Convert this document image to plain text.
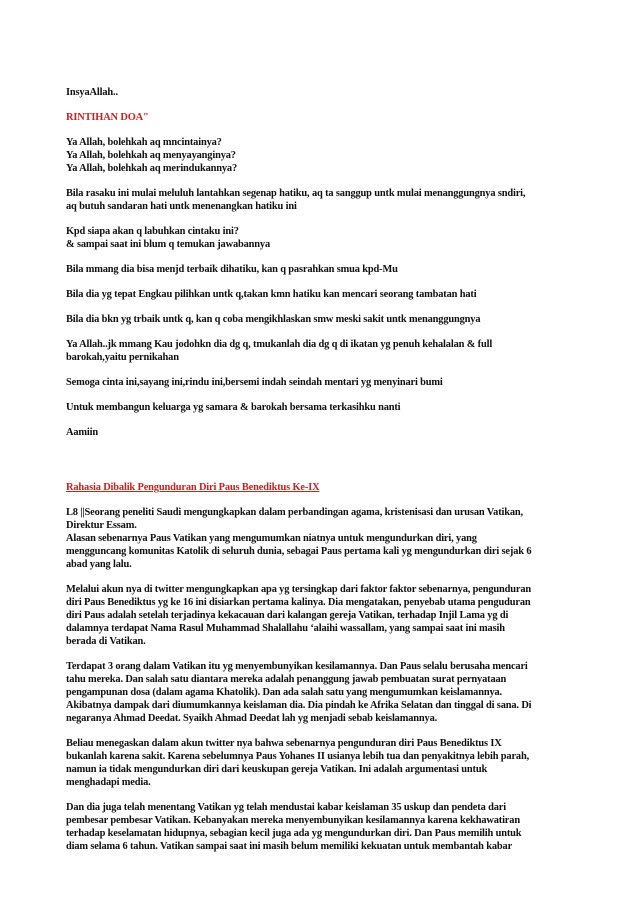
InsyaAllah..

RINTIHAN DOA"

Ya Allah, bolehkah aq mncintainya?
Ya Allah, bolehkah aq menyayanginya?
Ya Allah, bolehkah aq merindukannya?

Bila rasaku ini mulai meluluh lantahkan segenap hatiku, aq ta sanggup untk mulai menanggungnya sndiri,
aq butuh sandaran hati untk menenangkan hatiku ini

Kpd siapa akan q labuhkan cintaku ini?
& sampai saat ini blum q temukan jawabannya

Bila mmang dia bisa menjd terbaik dihatiku, kan q pasrahkan smua kpd-Mu

Bila dia yg tepat Engkau pilihkan untk q,takan kmn hatiku kan mencari seorang tambatan hati

Bila dia bkn yg trbaik untk q, kan q coba mengikhlaskan smw meski sakit untk menanggungnya

Ya Allah..jk mmang Kau jodohkn dia dg q, tmukanlah dia dg q di ikatan yg penuh kehalalan & full
barokah,yaitu pernikahan

Semoga cinta ini,sayang ini,rindu ini,bersemi indah seindah mentari yg menyinari bumi

Untuk membangun keluarga yg samara & barokah bersama terkasihku nanti

Aamiin

Rahasia Dibalik Pengunduran Diri Paus Benediktus Ke-IX

L8 ||Seorang peneliti Saudi mengungkapkan dalam perbandingan agama, kristenisasi dan urusan Vatikan,
Direktur Essam.
Alasan sebenarnya Paus Vatikan yang mengumumkan niatnya untuk mengundurkan diri, yang
mengguncang komunitas Katolik di seluruh dunia, sebagai Paus pertama kali yg mengundurkan diri sejak 6
abad yang lalu.

Melalui akun nya di twitter mengungkapkan apa yg tersingkap dari faktor faktor sebenarnya, pengunduran
diri Paus Benediktus yg ke 16 ini disiarkan pertama kalinya. Dia mengatakan, penyebab utama penguduran
diri Paus adalah setelah terjadinya kekacauan dari kalangan gereja Vatikan, terhadap Injil Lama yg di
dalamnya terdapat Nama Rasul Muhammad Shalallahu ‘alaihi wassallam, yang sampai saat ini masih
berada di Vatikan.

Terdapat 3 orang dalam Vatikan itu yg menyembunyikan kesilamannya. Dan Paus selalu berusaha mencari
tahu mereka. Dan salah satu diantara mereka adalah penanggung jawab pembuatan surat pernyataan
pengampunan dosa (dalam agama Khatolik). Dan ada salah satu yang mengumumkan keislamannya.
Akibatnya dampak dari diumumkannya keislaman dia. Dia pindah ke Afrika Selatan dan tinggal di sana. Di
negaranya Ahmad Deedat. Syaikh Ahmad Deedat lah yg menjadi sebab keislamannya.

Beliau menegaskan dalam akun twitter nya bahwa sebenarnya pengunduran diri Paus Benediktus IX
bukanlah karena sakit. Karena sebelumnya Paus Yohanes II usianya lebih tua dan penyakitnya lebih parah,
namun ia tidak mengundurkan diri dari keuskupan gereja Vatikan. Ini adalah argumentasi untuk
menghadapi media.

Dan dia juga telah menentang Vatikan yg telah mendustai kabar keislaman 35 uskup dan pendeta dari
pembesar pembesar Vatikan. Kebanyakan mereka menyembunyikan kesilamannya karena kekhawatiran
terhadap keselamatan hidupnya, sebagian kecil juga ada yg mengundurkan diri. Dan Paus memilih untuk
diam selama 6 tahun. Vatikan sampai saat ini masih belum memiliki kekuatan untuk membantah kabar
